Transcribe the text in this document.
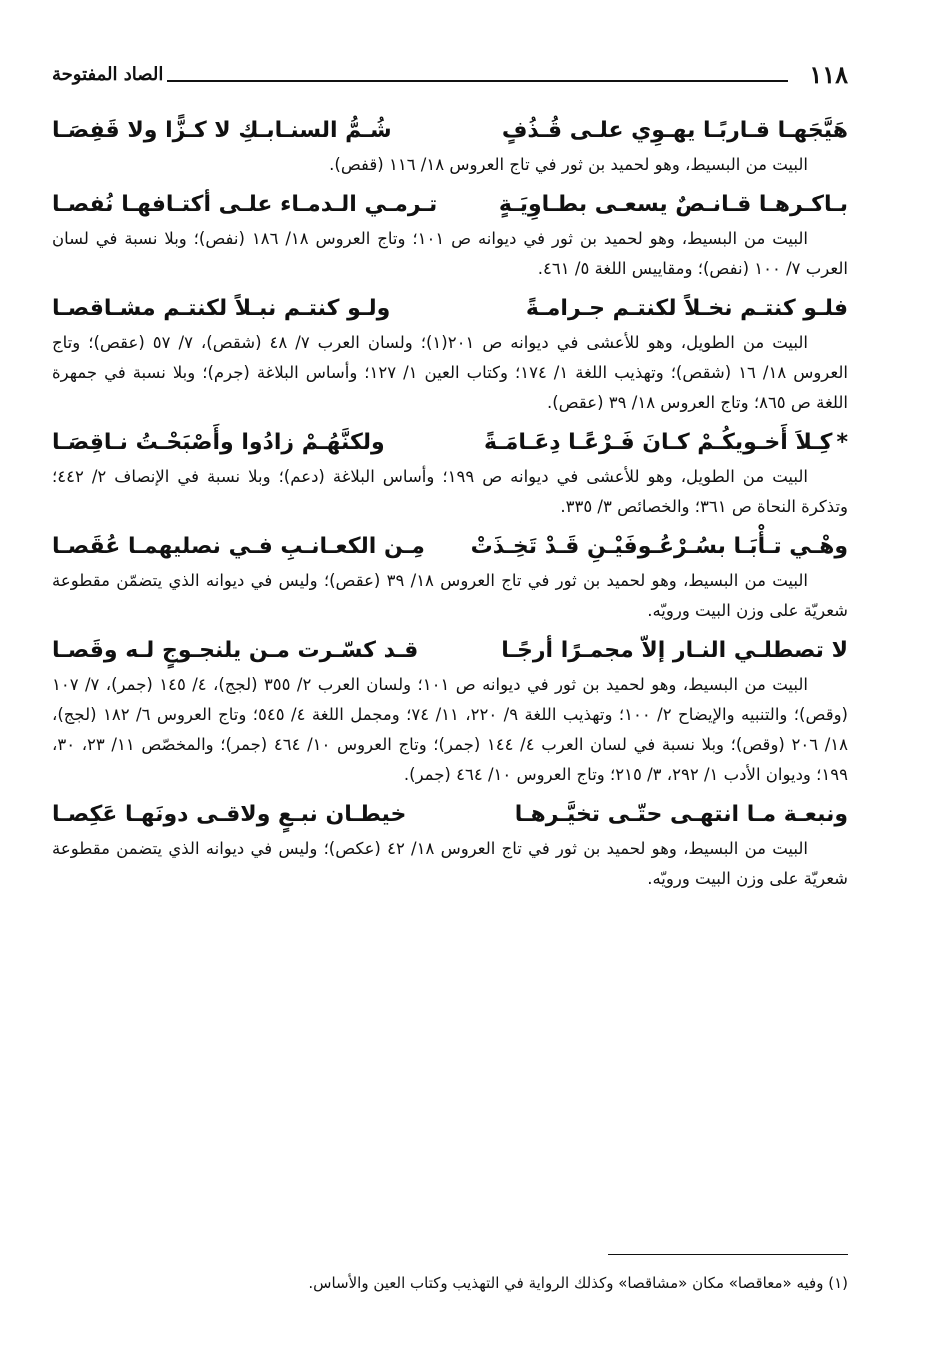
١١٨
الصاد المفتوحة
هَيَّجَهـا قـاربًـا يهـوِي علـى قُـذُفٍ
شُـمُّ السنـابـكِ لا كـزًّا ولا قَفِصَـا

البيت من البسيط، وهو لحميد بن ثور في تاج العروس ١٨/ ١١٦ (قفص).

بـاكـرهـا قـانـصٌ يسعـى بطـاوِيَـةٍ
تـرمـي الـدمـاء علـى أكتـافهـا نُفصـا

البيت من البسيط، وهو لحميد بن ثور في ديوانه ص ١٠١؛ وتاج العروس ١٨/ ١٨٦ (نفص)؛ وبلا نسبة في لسان العرب ٧/ ١٠٠ (نفص)؛ ومقاييس اللغة ٥/ ٤٦١.

فلـو كنتـم نخـلاً لكنتـم جـرامـةً
ولـو كنتـم نبـلاً لكنتـم مشـاقصـا

البيت من الطويل، وهو للأعشى في ديوانه ص ٢٠١(١)؛ ولسان العرب ٧/ ٤٨ (شقص)، ٧/ ٥٧ (عقص)؛ وتاج العروس ١٨/ ١٦ (شقص)؛ وتهذيب اللغة ١/ ١٧٤؛ وكتاب العين ١/ ١٢٧؛ وأساس البلاغة (جرم)؛ وبلا نسبة في جمهرة اللغة ص ٨٦٥؛ وتاج العروس ١٨/ ٣٩ (عقص).

*كِـلاَ أَخـويكُـمْ كـانَ فَـرْعًـا دِعَـامَـةً
ولكنَّهُـمْ زادُوا وأَصْبَحْـتُ نـاقِصَـا

البيت من الطويل، وهو للأعشى في ديوانه ص ١٩٩؛ وأساس البلاغة (دعم)؛ وبلا نسبة في الإنصاف ٢/ ٤٤٢؛ وتذكرة النحاة ص ٣٦١؛ والخصائص ٣/ ٣٣٥.

وهْـي تـأْبَـا بسُـرْعُـوفَيْـنِ قَـدْ تَخِـذَتْ
مِـن الكعـانـبِ فـي نصليهمـا عُقَصـا

البيت من البسيط، وهو لحميد بن ثور في تاج العروس ١٨/ ٣٩ (عقص)؛ وليس في ديوانه الذي يتضمّن مقطوعة شعريّة على وزن البيت ورويّه.

لا تصطلـي النـار إلاّ مجمـرًا أرجًـا
قـد كسّـرت مـن يلنجـوجٍ لـه وقَصـا

البيت من البسيط، وهو لحميد بن ثور في ديوانه ص ١٠١؛ ولسان العرب ٢/ ٣٥٥ (لجج)، ٤/ ١٤٥ (جمر)، ٧/ ١٠٧ (وقص)؛ والتنبيه والإيضاح ٢/ ١٠٠؛ وتهذيب اللغة ٩/ ٢٢٠، ١١/ ٧٤؛ ومجمل اللغة ٤/ ٥٤٥؛ وتاج العروس ٦/ ١٨٢ (لجج)، ١٨/ ٢٠٦ (وقص)؛ وبلا نسبة في لسان العرب ٤/ ١٤٤ (جمر)؛ وتاج العروس ١٠/ ٤٦٤ (جمر)؛ والمخصّص ١١/ ٢٣، ٣٠، ١٩٩؛ وديوان الأدب ١/ ٢٩٢، ٣/ ٢١٥؛ وتاج العروس ١٠/ ٤٦٤ (جمر).

ونبعـة مـا انتهـى حتّـى تخيَّـرهـا
خيطـان نبـعٍ ولاقـى دونَهـا عَكِصـا

البيت من البسيط، وهو لحميد بن ثور في تاج العروس ١٨/ ٤٢ (عكص)؛ وليس في ديوانه الذي يتضمن مقطوعة شعريّة على وزن البيت ورويّه.

(١) وفيه «معاقصا» مكان «مشاقصا» وكذلك الرواية في التهذيب وكتاب العين والأساس.
